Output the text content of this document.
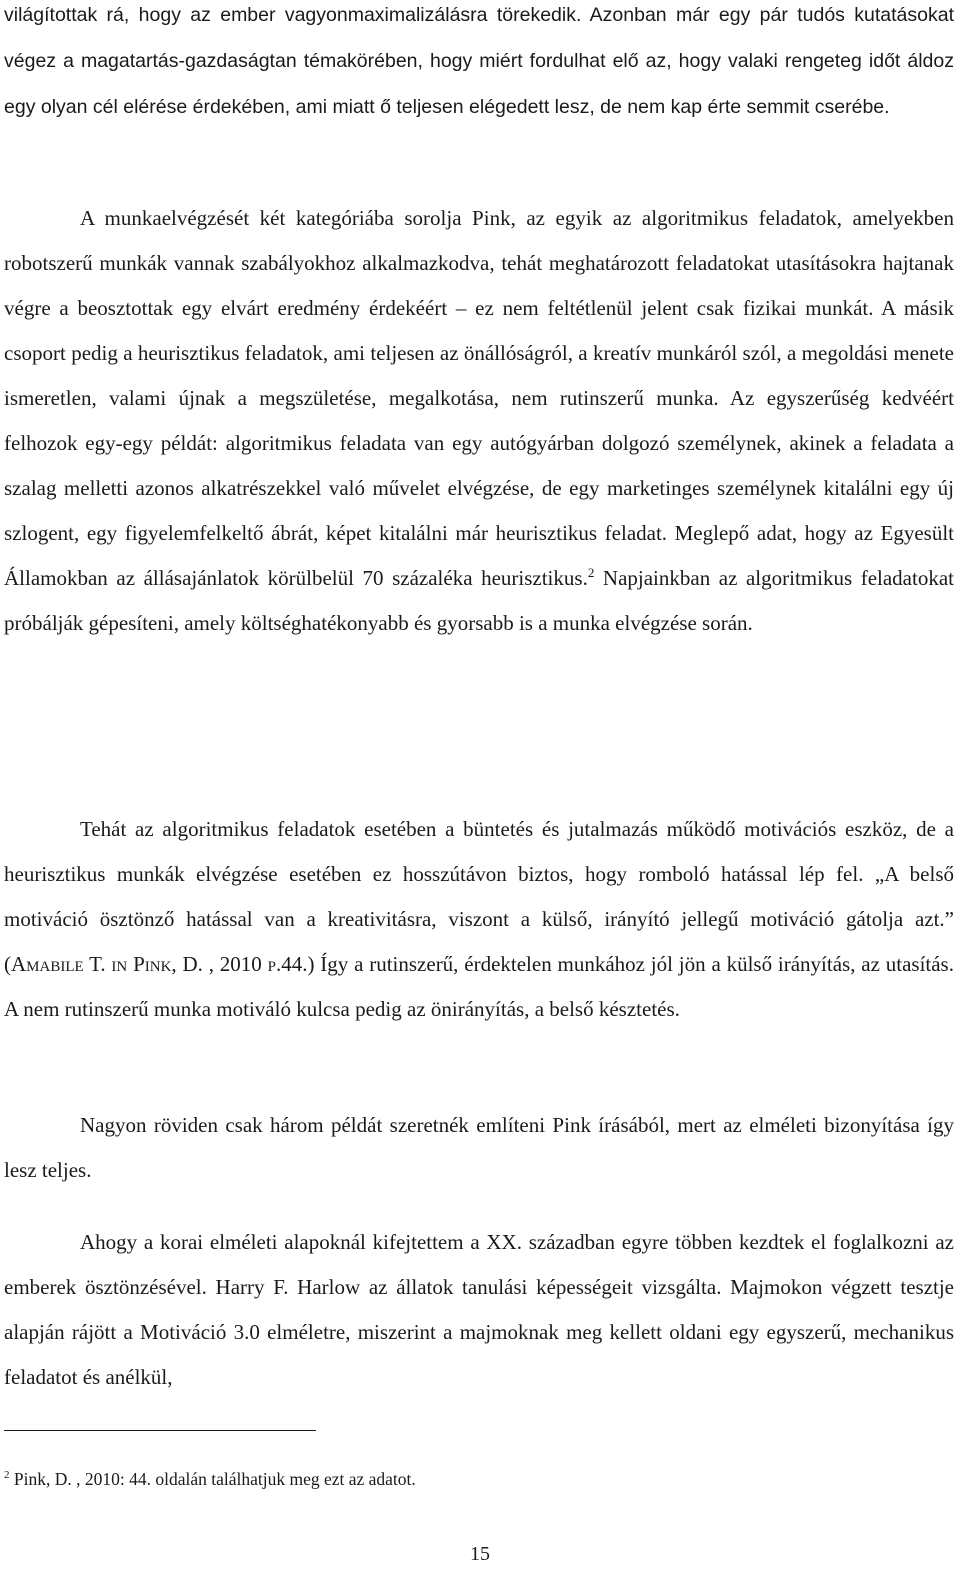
világítottak rá, hogy az ember vagyonmaximalizálásra törekedik. Azonban már egy pár tudós kutatásokat végez a magatartás-gazdaságtan témakörében, hogy miért fordulhat elő az, hogy valaki rengeteg időt áldoz egy olyan cél elérése érdekében, ami miatt ő teljesen elégedett lesz, de nem kap érte semmit cserébe.

A munkaelvégzését két kategóriába sorolja Pink, az egyik az algoritmikus feladatok, amelyekben robotszerű munkák vannak szabályokhoz alkalmazkodva, tehát meghatározott feladatokat utasításokra hajtanak végre a beosztottak egy elvárt eredmény érdekéért – ez nem feltétlenül jelent csak fizikai munkát. A másik csoport pedig a heurisztikus feladatok, ami teljesen az önállóságról, a kreatív munkáról szól, a megoldási menete ismeretlen, valami újnak a megszületése, megalkotása, nem rutinszerű munka. Az egyszerűség kedvéért felhozok egy-egy példát: algoritmikus feladata van egy autógyárban dolgozó személynek, akinek a feladata a szalag melletti azonos alkatrészekkel való művelet elvégzése, de egy marketinges személynek kitalálni egy új szlogent, egy figyelemfelkeltő ábrát, képet kitalálni már heurisztikus feladat. Meglepő adat, hogy az Egyesült Államokban az állásajánlatok körülbelül 70 százaléka heurisztikus.$^2$ Napjainkban az algoritmikus feladatokat próbálják gépesíteni, amely költséghatékonyabb és gyorsabb is a munka elvégzése során.

Tehát az algoritmikus feladatok esetében a büntetés és jutalmazás működő motivációs eszköz, de a heurisztikus munkák elvégzése esetében ez hosszútávon biztos, hogy romboló hatással lép fel. „A belső motiváció ösztönző hatással van a kreativitásra, viszont a külső, irányító jellegű motiváció gátolja azt.” (Amabile T. in Pink, D. , 2010 p.44.) Így a rutinszerű, érdektelen munkához jól jön a külső irányítás, az utasítás. A nem rutinszerű munka motiváló kulcsa pedig az önirányítás, a belső késztetés.

Nagyon röviden csak három példát szeretnék említeni Pink írásából, mert az elméleti bizonyítása így lesz teljes.

Ahogy a korai elméleti alapoknál kifejtettem a XX. században egyre többen kezdtek el foglalkozni az emberek ösztönzésével. Harry F. Harlow az állatok tanulási képességeit vizsgálta. Majmokon végzett tesztje alapján rájött a Motiváció 3.0 elméletre, miszerint a majmoknak meg kellett oldani egy egyszerű, mechanikus feladatot és anélkül,

$^2$ Pink, D. , 2010: 44. oldalán találhatjuk meg ezt az adatot.

15
